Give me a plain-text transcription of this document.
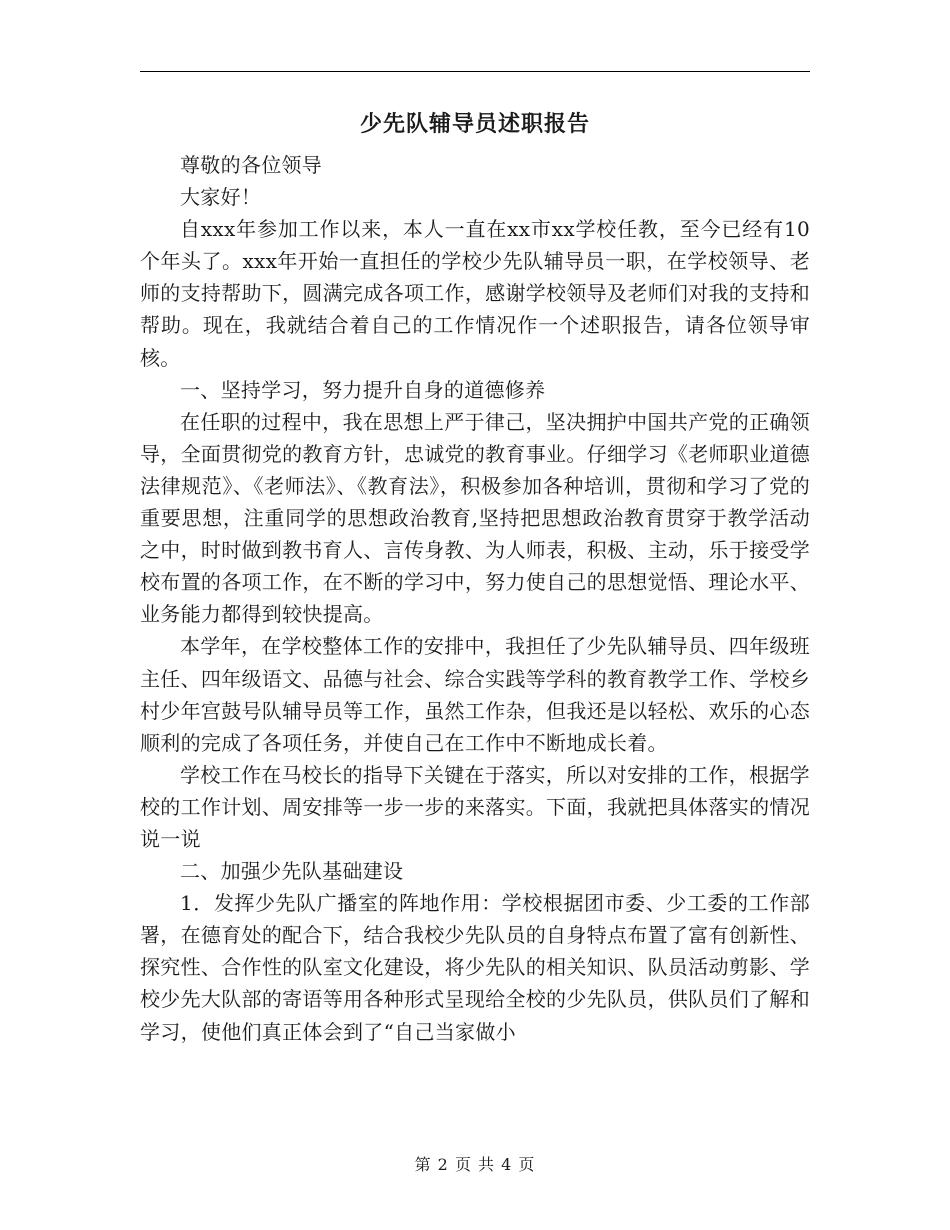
少先队辅导员述职报告

尊敬的各位领导

大家好！

自xxx年参加工作以来，本人一直在xx市xx学校任教，至今已经有10个年头了。xxx年开始一直担任的学校少先队辅导员一职，在学校领导、老师的支持帮助下，圆满完成各项工作，感谢学校领导及老师们对我的支持和帮助。现在，我就结合着自己的工作情况作一个述职报告，请各位领导审核。

一、坚持学习，努力提升自身的道德修养

在任职的过程中，我在思想上严于律己，坚决拥护中国共产党的正确领导，全面贯彻党的教育方针，忠诚党的教育事业。仔细学习《老师职业道德法律规范》、《老师法》、《教育法》，积极参加各种培训，贯彻和学习了党的重要思想，注重同学的思想政治教育,坚持把思想政治教育贯穿于教学活动之中，时时做到教书育人、言传身教、为人师表，积极、主动，乐于接受学校布置的各项工作，在不断的学习中，努力使自己的思想觉悟、理论水平、业务能力都得到较快提高。

本学年，在学校整体工作的安排中，我担任了少先队辅导员、四年级班主任、四年级语文、品德与社会、综合实践等学科的教育教学工作、学校乡村少年宫鼓号队辅导员等工作，虽然工作杂，但我还是以轻松、欢乐的心态顺利的完成了各项任务，并使自己在工作中不断地成长着。

学校工作在马校长的指导下关键在于落实，所以对安排的工作，根据学校的工作计划、周安排等一步一步的来落实。下面，我就把具体落实的情况说一说

二、加强少先队基础建设

1．发挥少先队广播室的阵地作用：学校根据团市委、少工委的工作部署，在德育处的配合下，结合我校少先队员的自身特点布置了富有创新性、探究性、合作性的队室文化建设，将少先队的相关知识、队员活动剪影、学校少先大队部的寄语等用各种形式呈现给全校的少先队员，供队员们了解和学习，使他们真正体会到了“自己当家做小

第 2 页 共 4 页
